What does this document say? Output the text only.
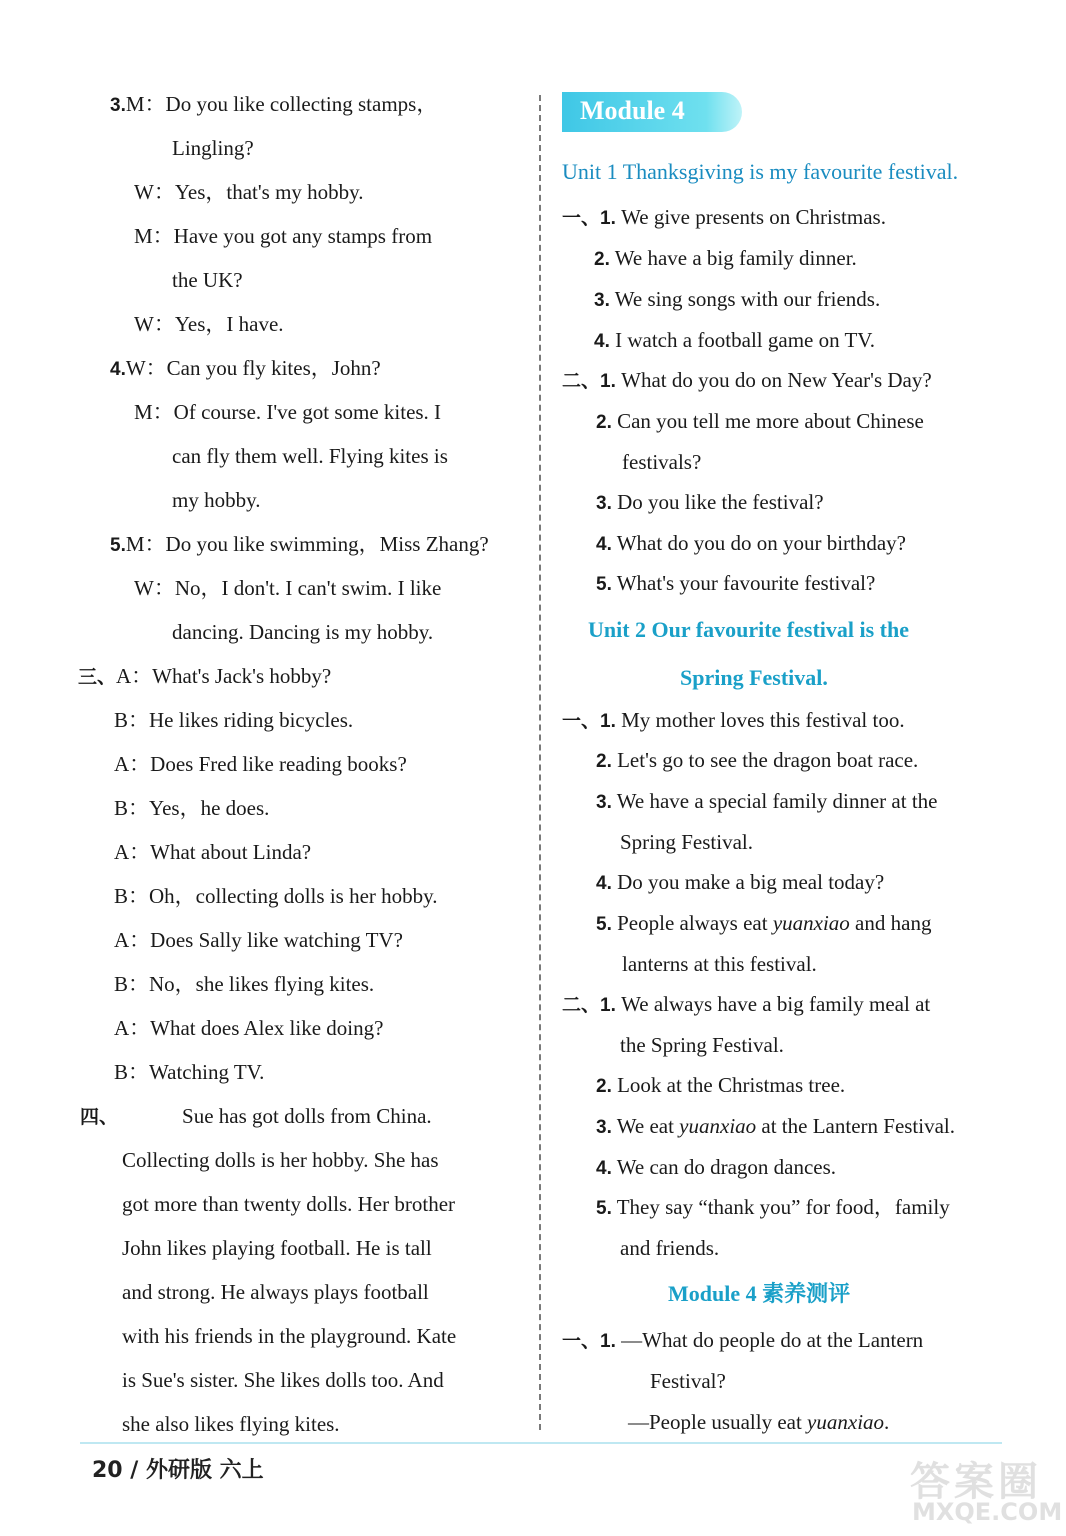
3.M：Do you like collecting stamps，
Lingling?
W：Yes，that's my hobby.
M：Have you got any stamps from
the UK?
W：Yes，I have.
4.W：Can you fly kites，John?
M：Of course. I've got some kites. I
can fly them well. Flying kites is
my hobby.
5.M：Do you like swimming，Miss Zhang?
W：No，I don't. I can't swim. I like
dancing. Dancing is my hobby.
三、A：What's Jack's hobby?
B：He likes riding bicycles.
A：Does Fred like reading books?
B：Yes，he does.
A：What about Linda?
B：Oh，collecting dolls is her hobby.
A：Does Sally like watching TV?
B：No，she likes flying kites.
A：What does Alex like doing?
B：Watching TV.
四、	Sue has got dolls from China.
Collecting dolls is her hobby. She has
got more than twenty dolls. Her brother
John likes playing football. He is tall
and strong. He always plays football
with his friends in the playground. Kate
is Sue's sister. She likes dolls too. And
she also likes flying kites.
Module 4
Unit 1 Thanksgiving is my favourite festival.
一、1. We give presents on Christmas.
2. We have a big family dinner.
3. We sing songs with our friends.
4. I watch a football game on TV.
二、1. What do you do on New Year's Day?
2. Can you tell me more about Chinese
festivals?
3. Do you like the festival?
4. What do you do on your birthday?
5. What's your favourite festival?
Unit 2 Our favourite festival is the
Spring Festival.
一、1. My mother loves this festival too.
2. Let's go to see the dragon boat race.
3. We have a special family dinner at the
Spring Festival.
4. Do you make a big meal today?
5. People always eat yuanxiao and hang
lanterns at this festival.
二、1. We always have a big family meal at
the Spring Festival.
2. Look at the Christmas tree.
3. We eat yuanxiao at the Lantern Festival.
4. We can do dragon dances.
5. They say “thank you” for food，family
and friends.
Module 4 素养测评
一、1. —What do people do at the Lantern
Festival?
—People usually eat yuanxiao.
20 / 外研版 六上	答案圈
MXQE.COM
